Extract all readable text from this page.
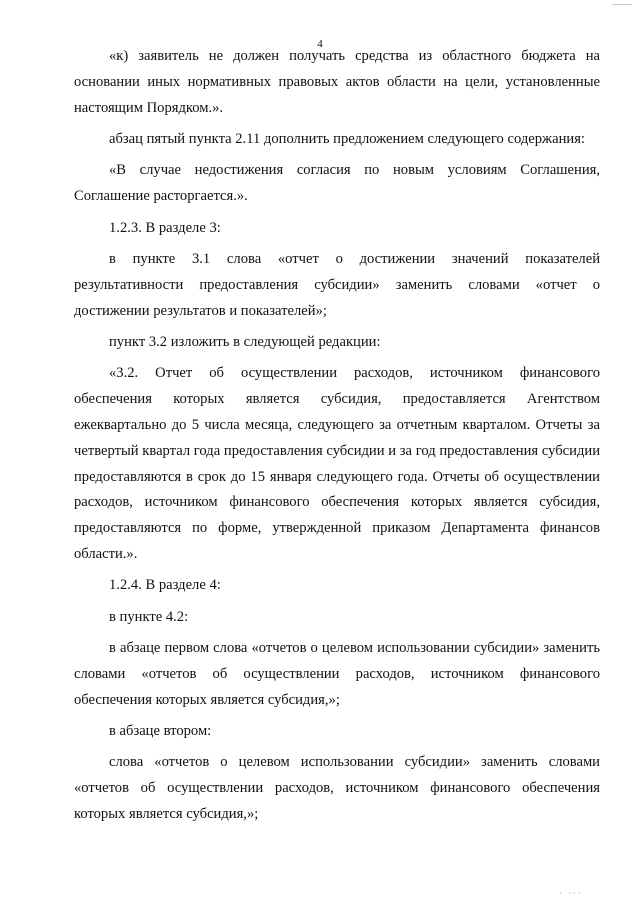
4

«к) заявитель не должен получать средства из областного бюджета на основании иных нормативных правовых актов области на цели, установленные настоящим Порядком.».

абзац пятый пункта 2.11 дополнить предложением следующего содержания:

«В случае недостижения согласия по новым условиям Соглашения, Соглашение расторгается.».

1.2.3. В разделе 3:

в пункте 3.1 слова «отчет о достижении значений показателей результативности предоставления субсидии» заменить словами «отчет о достижении результатов и показателей»;

пункт 3.2 изложить в следующей редакции:

«3.2. Отчет об осуществлении расходов, источником финансового обеспечения которых является субсидия, предоставляется Агентством ежеквартально до 5 числа месяца, следующего за отчетным кварталом. Отчеты за четвертый квартал года предоставления субсидии и за год предоставления субсидии предоставляются в срок до 15 января следующего года. Отчеты об осуществлении расходов, источником финансового обеспечения которых является субсидия, предоставляются по форме, утвержденной приказом Департамента финансов области.».

1.2.4. В разделе 4:

в пункте 4.2:

в абзаце первом слова «отчетов о целевом использовании субсидии» заменить словами «отчетов об осуществлении расходов, источником финансового обеспечения которых является субсидия,»;

в абзаце втором:

слова «отчетов о целевом использовании субсидии» заменить словами «отчетов об осуществлении расходов, источником финансового обеспечения которых является субсидия,»;

· ···
